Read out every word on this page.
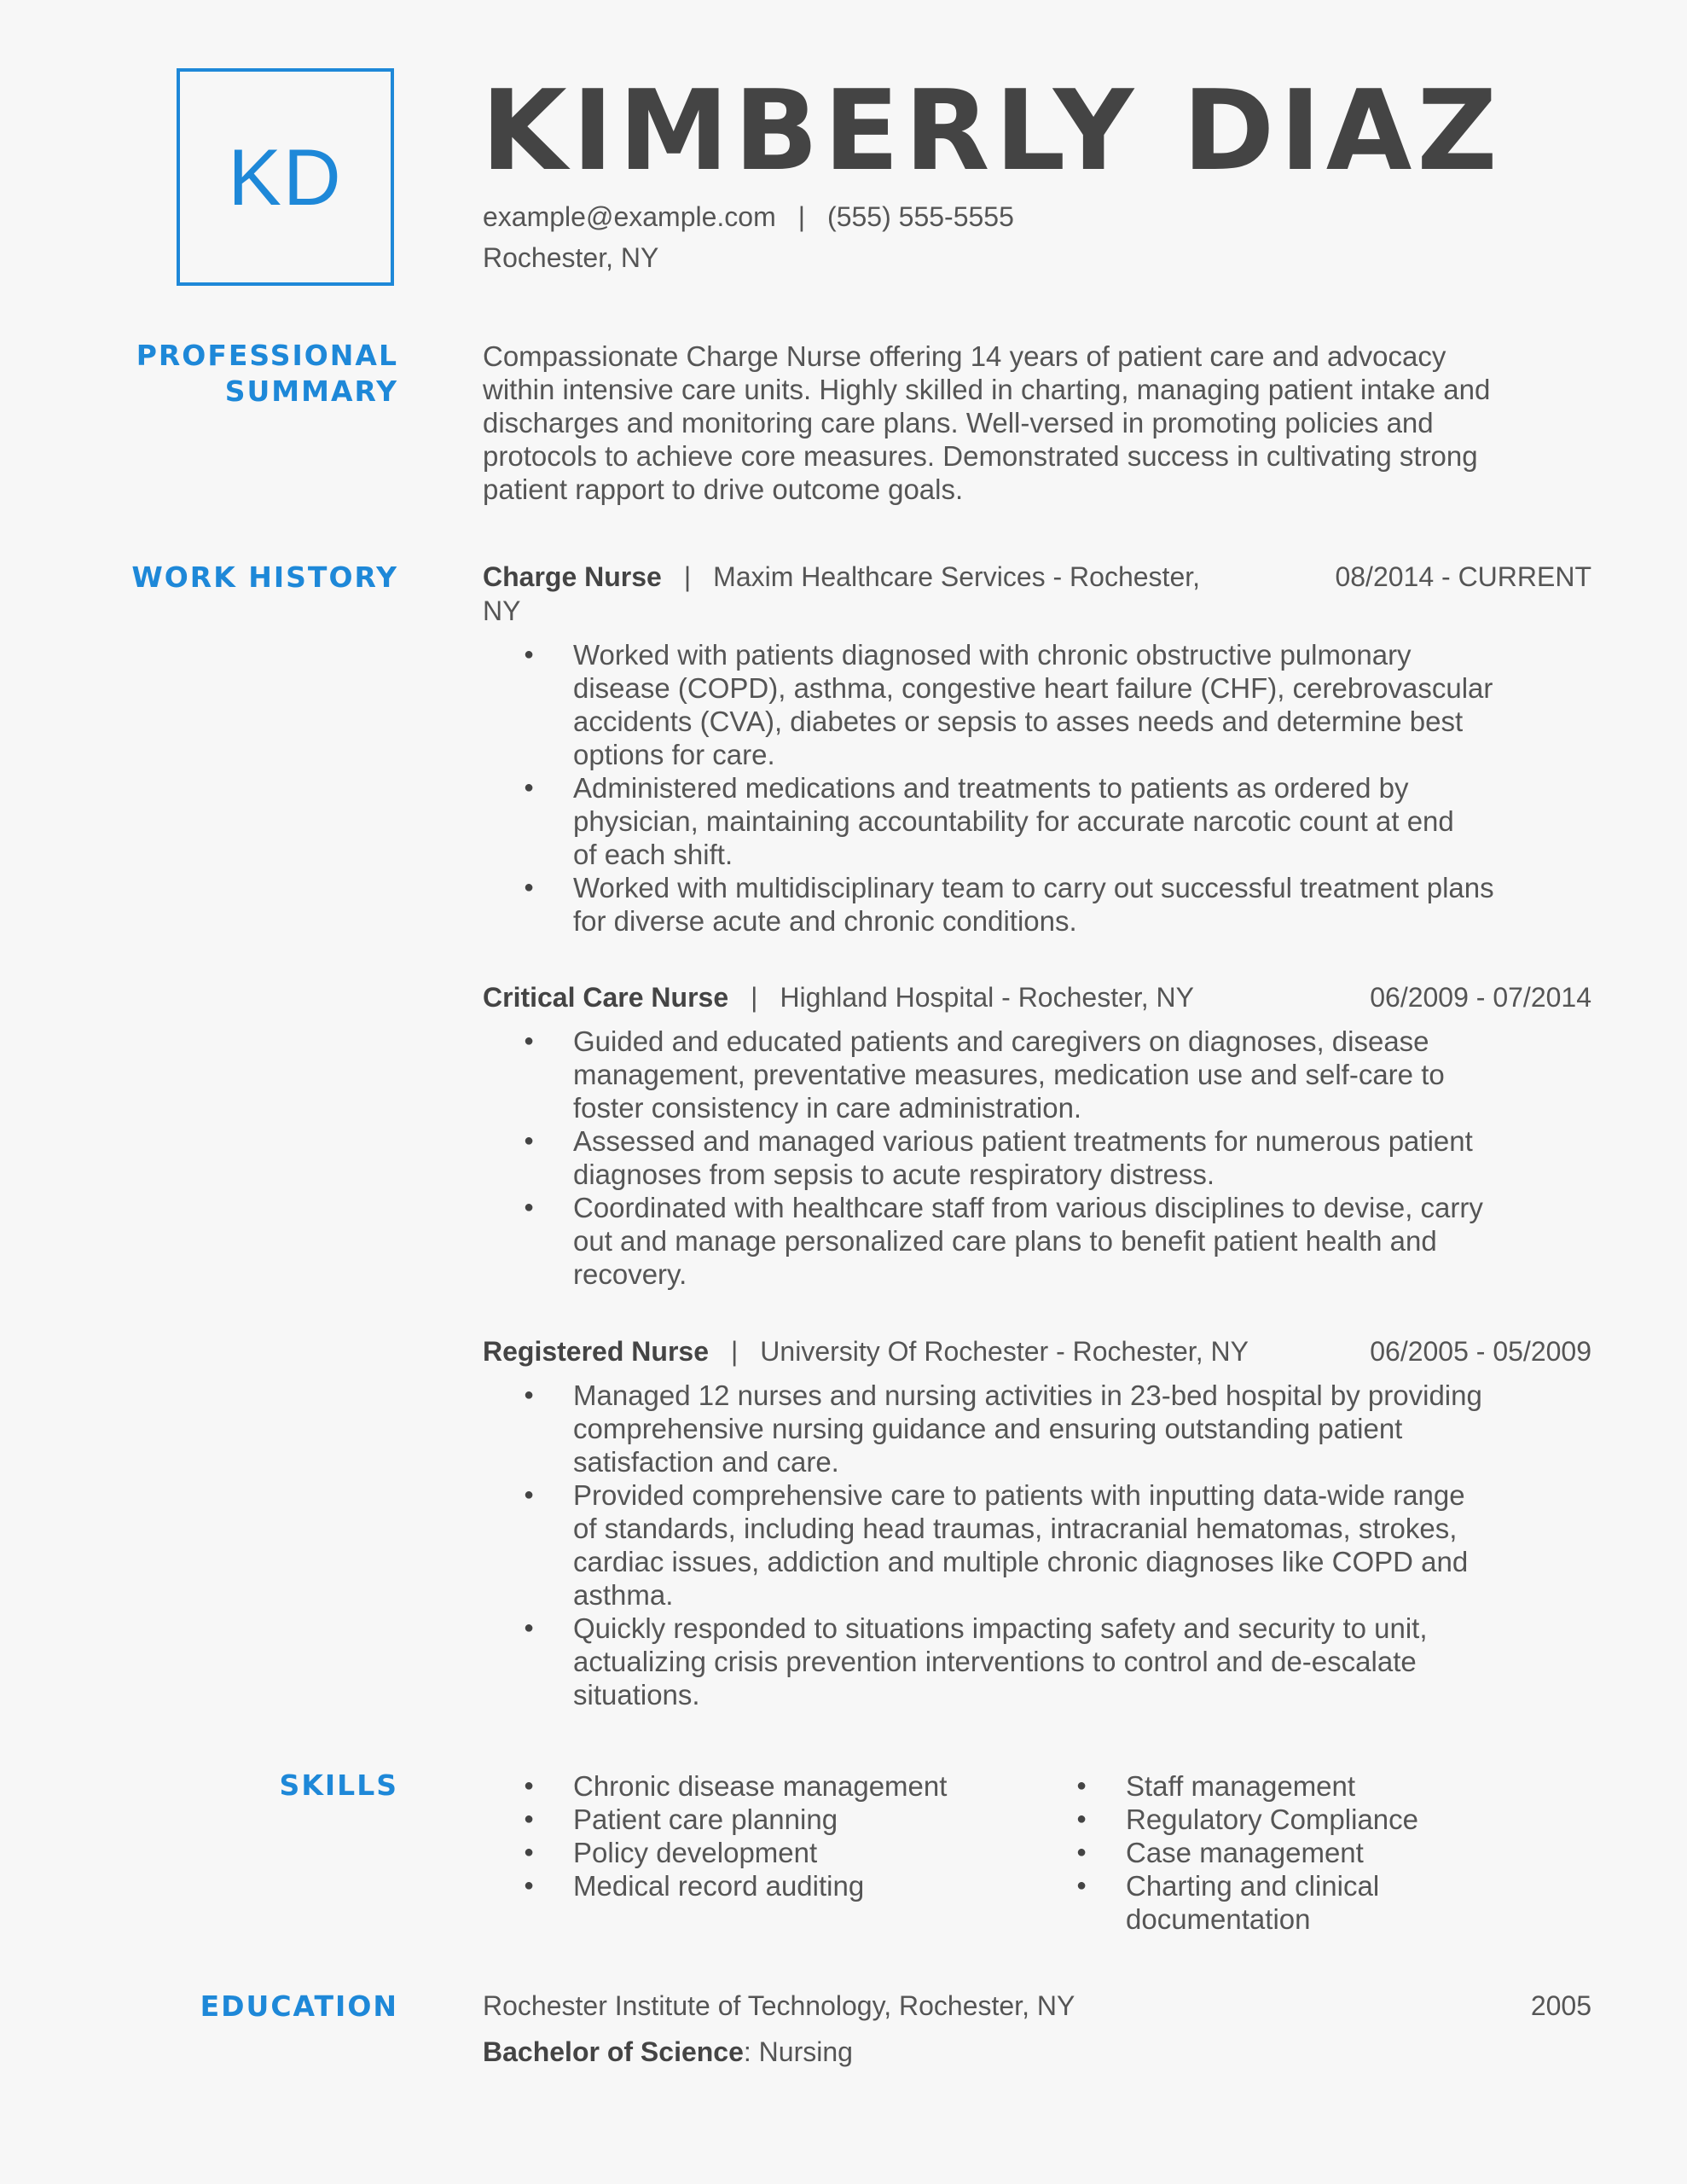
KD KIMBERLY DIAZ
example@example.com | (555) 555-5555
Rochester, NY
PROFESSIONAL
SUMMARY

Compassionate Charge Nurse offering 14 years of patient care and advocacy
within intensive care units. Highly skilled in charting, managing patient intake and
discharges and monitoring care plans. Well-versed in promoting policies and
protocols to achieve core measures. Demonstrated success in cultivating strong
patient rapport to drive outcome goals.

WORK HISTORY	Charge Nurse | Maxim Healthcare Services - Rochester,	08/2014 - CURRENT
NY
● Worked with patients diagnosed with chronic obstructive pulmonary
disease (COPD), asthma, congestive heart failure (CHF), cerebrovascular
accidents (CVA), diabetes or sepsis to asses needs and determine best
options for care.
● Administered medications and treatments to patients as ordered by
physician, maintaining accountability for accurate narcotic count at end
of each shift.
● Worked with multidisciplinary team to carry out successful treatment plans
for diverse acute and chronic conditions.
Critical Care Nurse | Highland Hospital - Rochester, NY	06/2009 - 07/2014
● Guided and educated patients and caregivers on diagnoses, disease
management, preventative measures, medication use and self-care to
foster consistency in care administration.
● Assessed and managed various patient treatments for numerous patient
diagnoses from sepsis to acute respiratory distress.
● Coordinated with healthcare staff from various disciplines to devise, carry
out and manage personalized care plans to benefit patient health and
recovery.
Registered Nurse | University Of Rochester - Rochester, NY	06/2005 - 05/2009
● Managed 12 nurses and nursing activities in 23-bed hospital by providing
comprehensive nursing guidance and ensuring outstanding patient
satisfaction and care.
● Provided comprehensive care to patients with inputting data-wide range
of standards, including head traumas, intracranial hematomas, strokes,
cardiac issues, addiction and multiple chronic diagnoses like COPD and
asthma.
● Quickly responded to situations impacting safety and security to unit,
actualizing crisis prevention interventions to control and de-escalate
situations.
SKILLS
●	Chronic disease management
● Patient care planning
● Policy development
● Medical record auditing
● Staff management
● Regulatory Compliance
● Case management
● Charting and clinical
documentation
EDUCATION	Rochester Institute of Technology, Rochester, NY	2005
Bachelor of Science: Nursing
